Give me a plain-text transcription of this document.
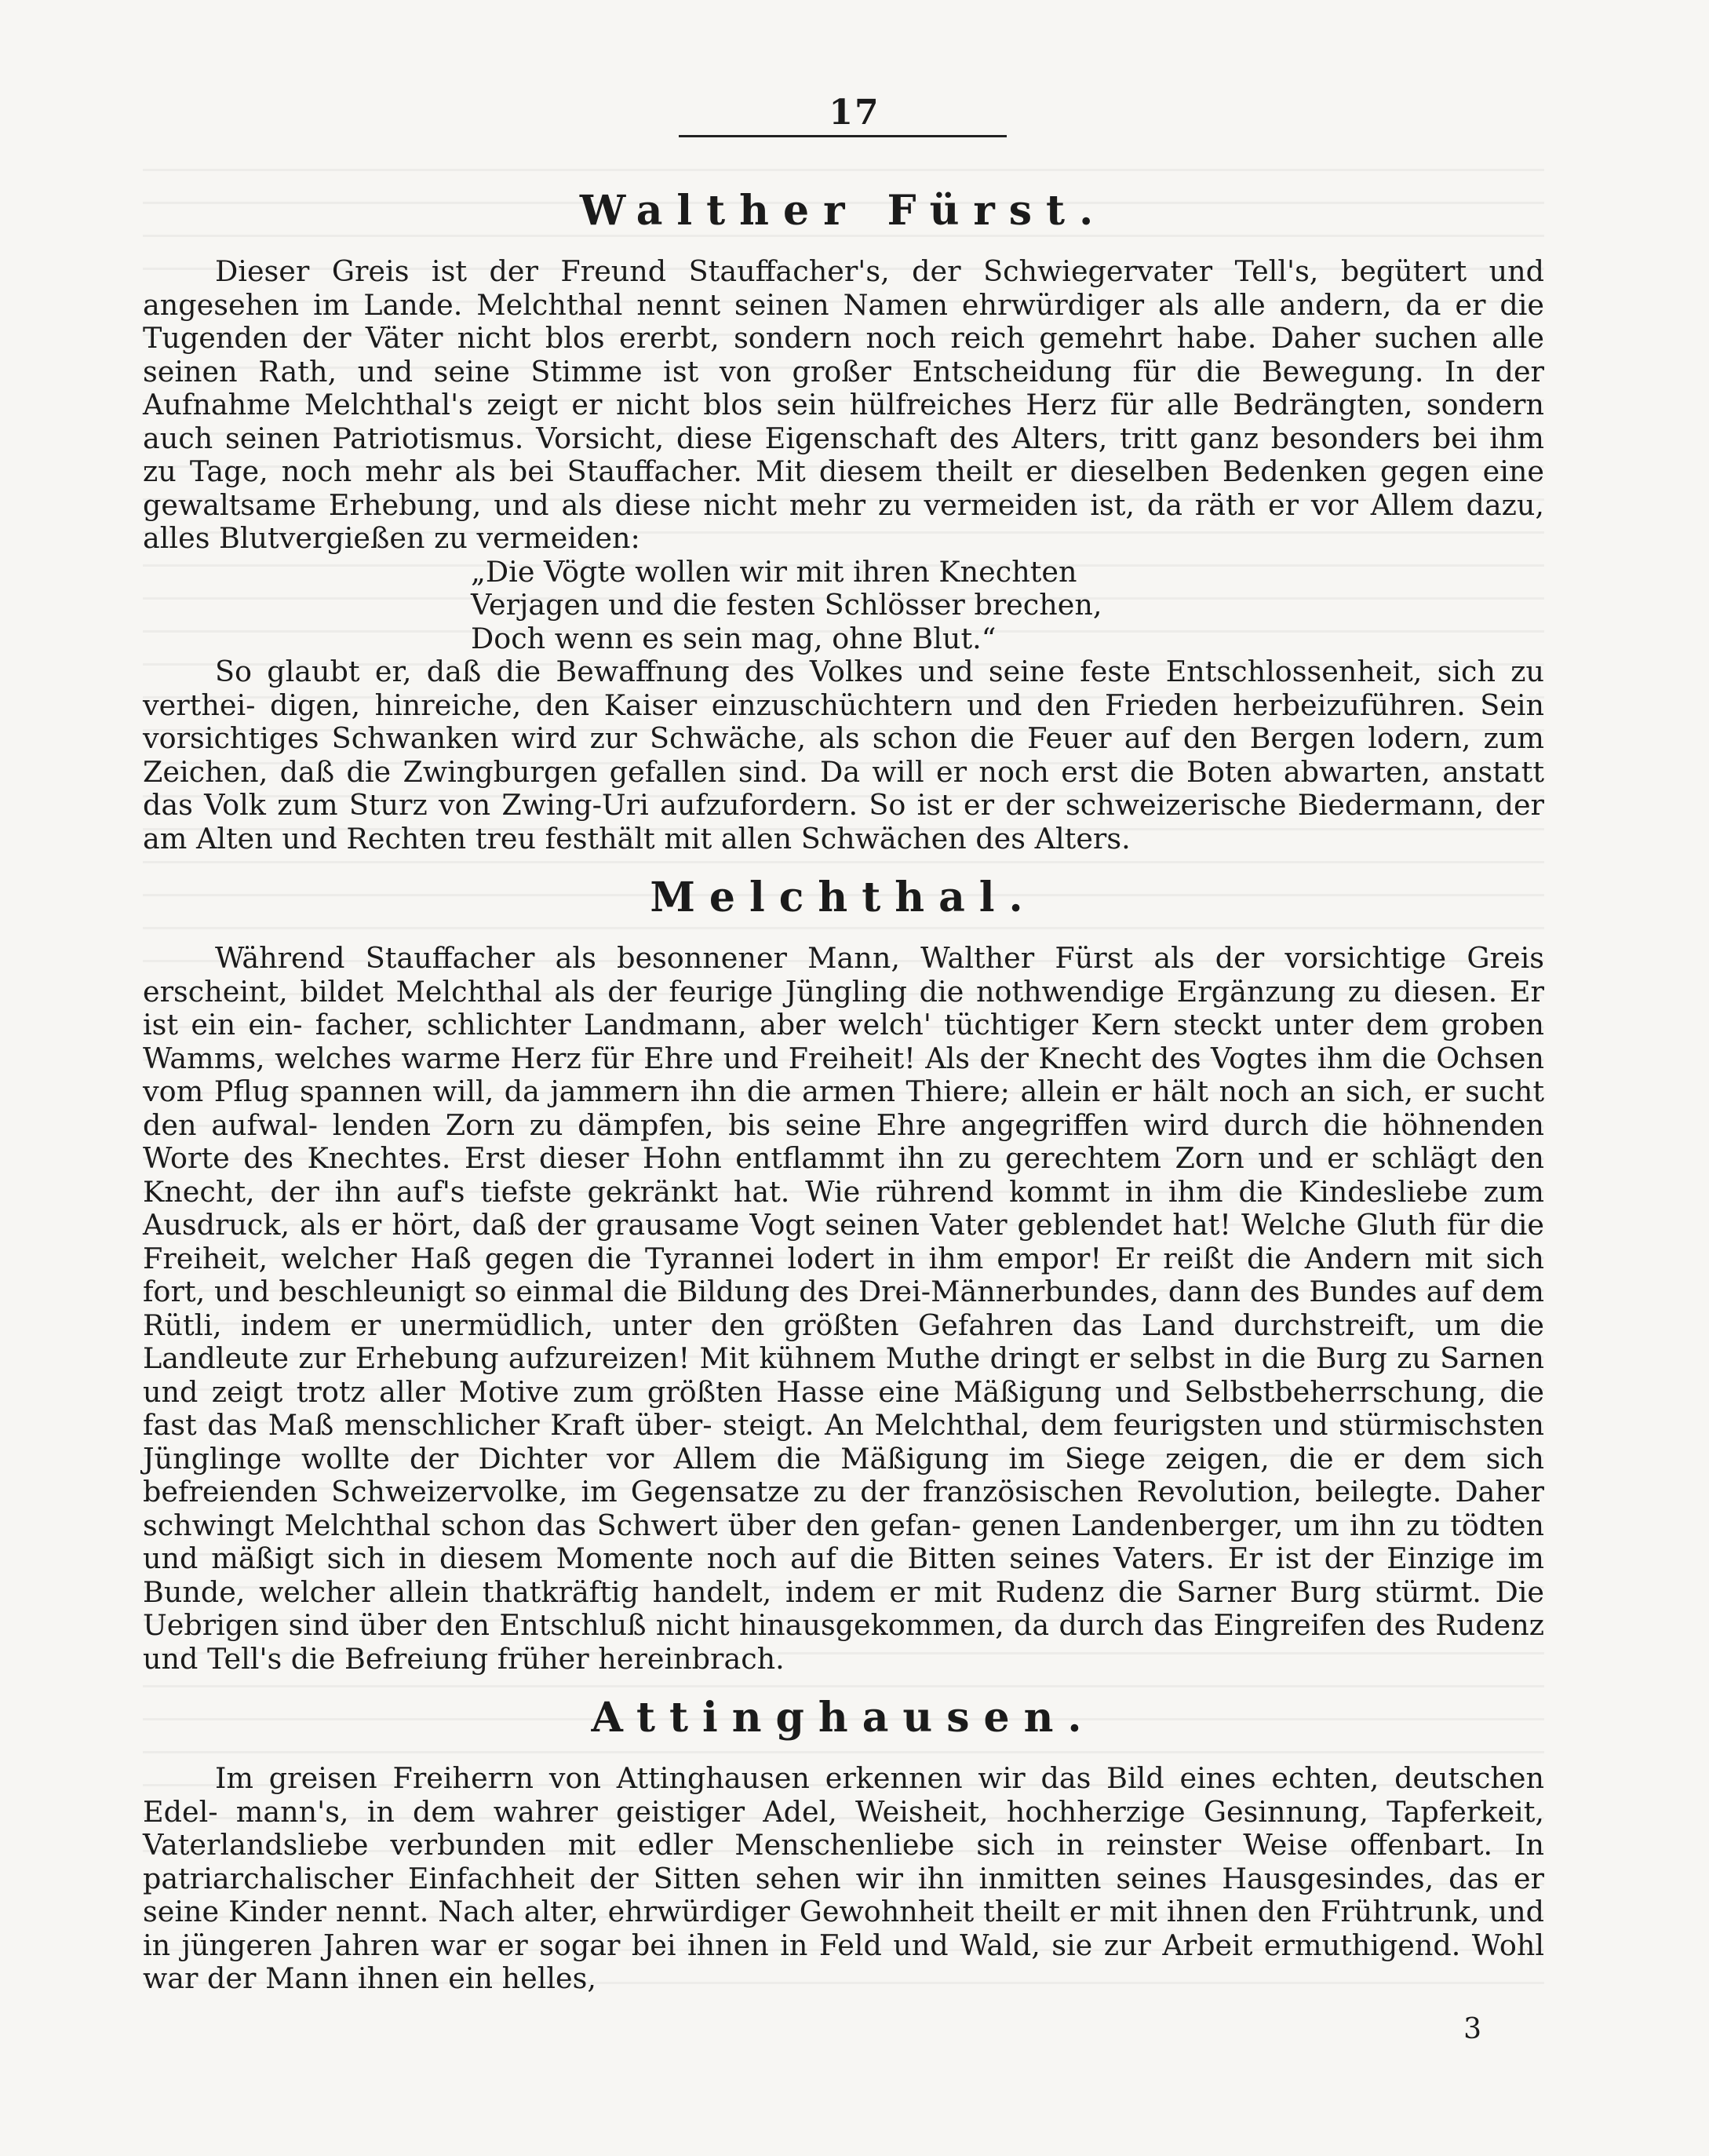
17
Walther Fürst.

Dieser Greis ist der Freund Stauffacher's, der Schwiegervater Tell's, begütert und angesehen im Lande. Melchthal nennt seinen Namen ehrwürdiger als alle andern, da er die Tugenden der Väter nicht blos ererbt, sondern noch reich gemehrt habe. Daher suchen alle seinen Rath, und seine Stimme ist von großer Entscheidung für die Bewegung. In der Aufnahme Melchthal's zeigt er nicht blos sein hülfreiches Herz für alle Bedrängten, sondern auch seinen Patriotismus. Vorsicht, diese Eigenschaft des Alters, tritt ganz besonders bei ihm zu Tage, noch mehr als bei Stauffacher. Mit diesem theilt er dieselben Bedenken gegen eine gewaltsame Erhebung, und als diese nicht mehr zu vermeiden ist, da räth er vor Allem dazu, alles Blutvergießen zu vermeiden:

„Die Vögte wollen wir mit ihren Knechten
Verjagen und die festen Schlösser brechen,
Doch wenn es sein mag, ohne Blut.“

So glaubt er, daß die Bewaffnung des Volkes und seine feste Entschlossenheit, sich zu verthei- digen, hinreiche, den Kaiser einzuschüchtern und den Frieden herbeizuführen. Sein vorsichtiges Schwanken wird zur Schwäche, als schon die Feuer auf den Bergen lodern, zum Zeichen, daß die Zwingburgen gefallen sind. Da will er noch erst die Boten abwarten, anstatt das Volk zum Sturz von Zwing-Uri aufzufordern. So ist er der schweizerische Biedermann, der am Alten und Rechten treu festhält mit allen Schwächen des Alters.

Melchthal.

Während Stauffacher als besonnener Mann, Walther Fürst als der vorsichtige Greis erscheint, bildet Melchthal als der feurige Jüngling die nothwendige Ergänzung zu diesen. Er ist ein ein- facher, schlichter Landmann, aber welch' tüchtiger Kern steckt unter dem groben Wamms, welches warme Herz für Ehre und Freiheit! Als der Knecht des Vogtes ihm die Ochsen vom Pflug spannen will, da jammern ihn die armen Thiere; allein er hält noch an sich, er sucht den aufwal- lenden Zorn zu dämpfen, bis seine Ehre angegriffen wird durch die höhnenden Worte des Knechtes. Erst dieser Hohn entflammt ihn zu gerechtem Zorn und er schlägt den Knecht, der ihn auf's tiefste gekränkt hat. Wie rührend kommt in ihm die Kindesliebe zum Ausdruck, als er hört, daß der grausame Vogt seinen Vater geblendet hat! Welche Gluth für die Freiheit, welcher Haß gegen die Tyrannei lodert in ihm empor! Er reißt die Andern mit sich fort, und beschleunigt so einmal die Bildung des Drei-Männerbundes, dann des Bundes auf dem Rütli, indem er unermüdlich, unter den größten Gefahren das Land durchstreift, um die Landleute zur Erhebung aufzureizen! Mit kühnem Muthe dringt er selbst in die Burg zu Sarnen und zeigt trotz aller Motive zum größten Hasse eine Mäßigung und Selbstbeherrschung, die fast das Maß menschlicher Kraft über- steigt. An Melchthal, dem feurigsten und stürmischsten Jünglinge wollte der Dichter vor Allem die Mäßigung im Siege zeigen, die er dem sich befreienden Schweizervolke, im Gegensatze zu der französischen Revolution, beilegte. Daher schwingt Melchthal schon das Schwert über den gefan- genen Landenberger, um ihn zu tödten und mäßigt sich in diesem Momente noch auf die Bitten seines Vaters. Er ist der Einzige im Bunde, welcher allein thatkräftig handelt, indem er mit Rudenz die Sarner Burg stürmt. Die Uebrigen sind über den Entschluß nicht hinausgekommen, da durch das Eingreifen des Rudenz und Tell's die Befreiung früher hereinbrach.

Attinghausen.

Im greisen Freiherrn von Attinghausen erkennen wir das Bild eines echten, deutschen Edel- mann's, in dem wahrer geistiger Adel, Weisheit, hochherzige Gesinnung, Tapferkeit, Vaterlandsliebe verbunden mit edler Menschenliebe sich in reinster Weise offenbart. In patriarchalischer Einfachheit der Sitten sehen wir ihn inmitten seines Hausgesindes, das er seine Kinder nennt. Nach alter, ehrwürdiger Gewohnheit theilt er mit ihnen den Frühtrunk, und in jüngeren Jahren war er sogar bei ihnen in Feld und Wald, sie zur Arbeit ermuthigend. Wohl war der Mann ihnen ein helles,

3
